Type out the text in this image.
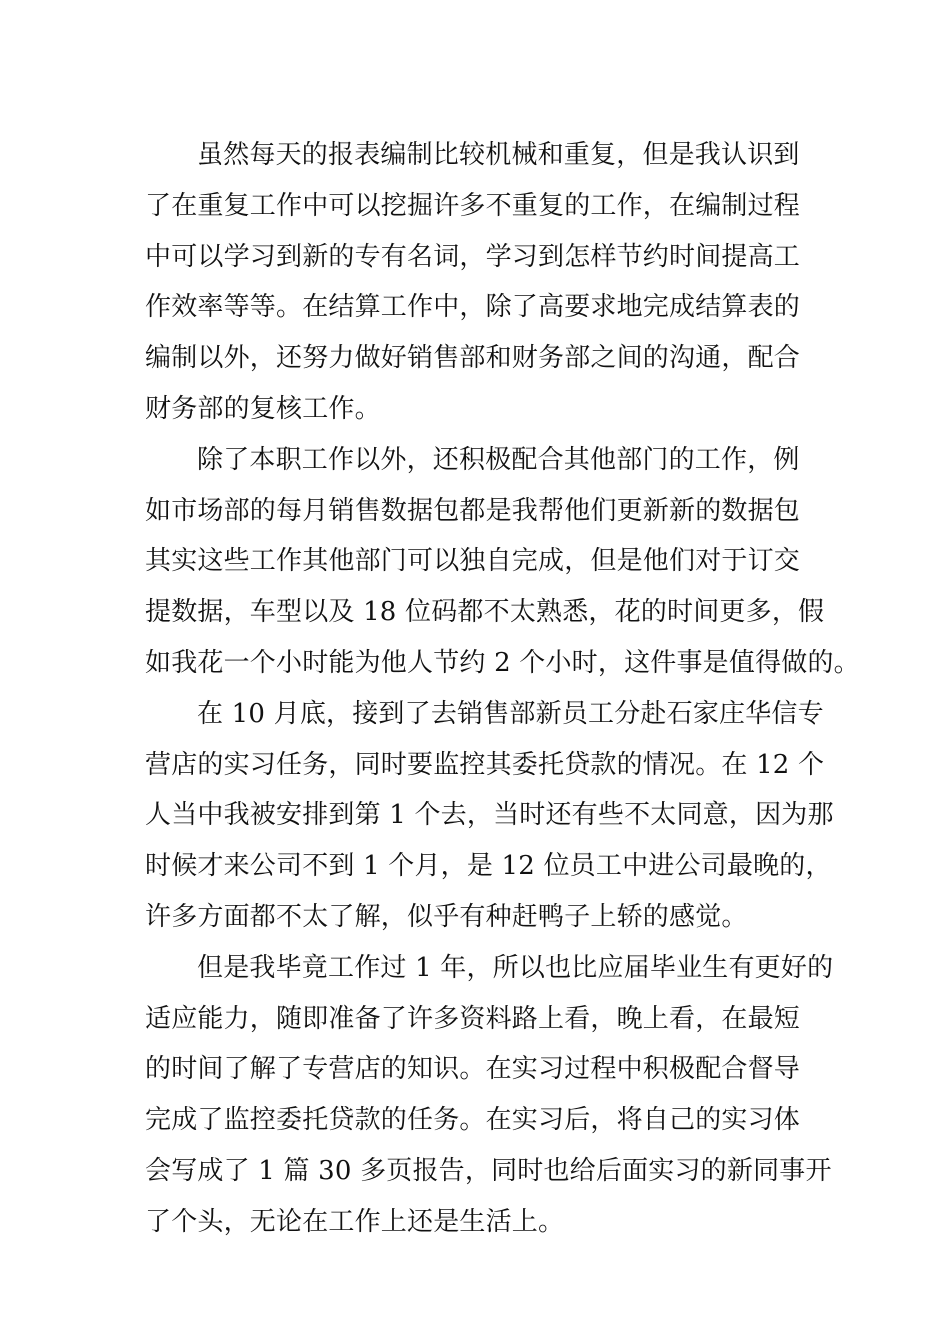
虽然每天的报表编制比较机械和重复，但是我认识到
了在重复工作中可以挖掘许多不重复的工作，在编制过程
中可以学习到新的专有名词，学习到怎样节约时间提高工
作效率等等。在结算工作中，除了高要求地完成结算表的
编制以外，还努力做好销售部和财务部之间的沟通，配合
财务部的复核工作。
除了本职工作以外，还积极配合其他部门的工作，例
如市场部的每月销售数据包都是我帮他们更新新的数据包
其实这些工作其他部门可以独自完成，但是他们对于订交
提数据，车型以及 18 位码都不太熟悉，花的时间更多，假
如我花一个小时能为他人节约 2 个小时，这件事是值得做的。
在 10 月底，接到了去销售部新员工分赴石家庄华信专
营店的实习任务，同时要监控其委托贷款的情况。在 12 个
人当中我被安排到第 1 个去，当时还有些不太同意，因为那
时候才来公司不到 1 个月，是 12 位员工中进公司最晚的，
许多方面都不太了解，似乎有种赶鸭子上轿的感觉。
但是我毕竟工作过 1 年，所以也比应届毕业生有更好的
适应能力，随即准备了许多资料路上看，晚上看，在最短
的时间了解了专营店的知识。在实习过程中积极配合督导
完成了监控委托贷款的任务。在实习后，将自己的实习体
会写成了 1 篇 30 多页报告，同时也给后面实习的新同事开
了个头，无论在工作上还是生活上。
